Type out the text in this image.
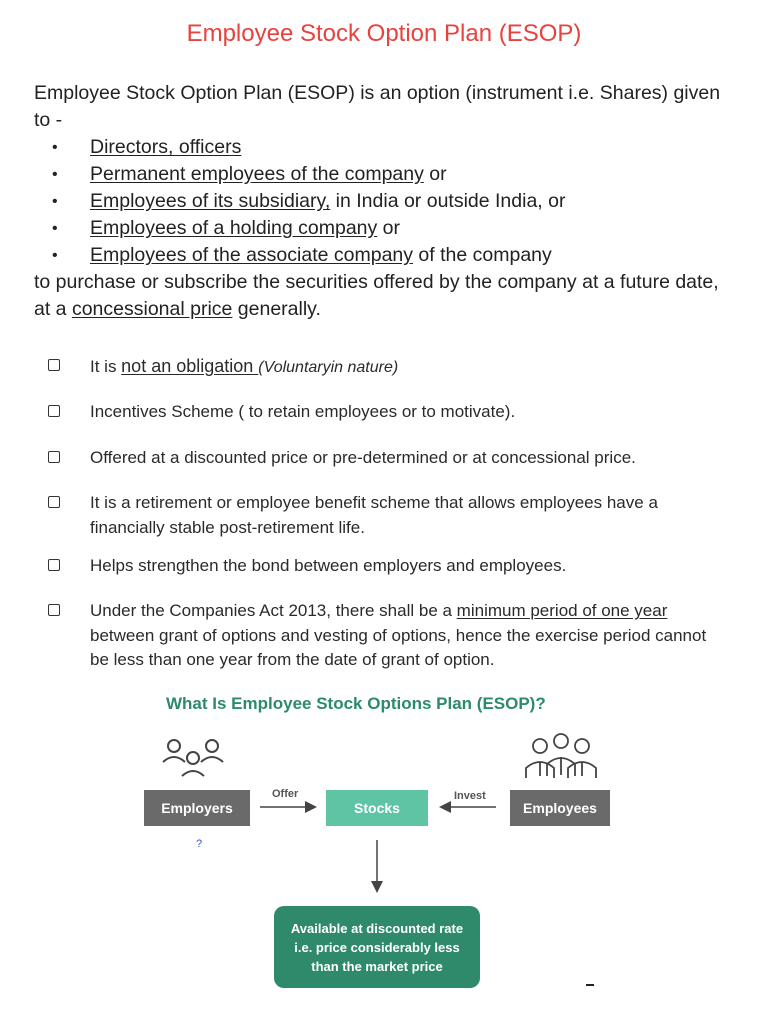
Employee Stock Option Plan (ESOP)

Employee Stock Option Plan (ESOP) is an option (instrument i.e. Shares) given to -

• Directors, officers
• Permanent employees of the company or
• Employees of its subsidiary, in India or outside India, or
• Employees of a holding company or
• Employees of the associate company of the company

to purchase or subscribe the securities offered by the company at a future date, at a concessional price generally.

It is not an obligation (Voluntaryin nature)
Incentives Scheme ( to retain employees or to motivate).
Offered at a discounted price or pre-determined or at concessional price.
It is a retirement or employee benefit scheme that allows employees have a financially stable post-retirement life.
Helps strengthen the bond between employers and employees.
Under the Companies Act 2013, there shall be a minimum period of one year between grant of options and vesting of options, hence the exercise period cannot be less than one year from the date of grant of option.
What Is Employee Stock Options Plan (ESOP)?
Employers	Stocks	Employees
Offer	Invest
Available at discounted rate i.e. price considerably less than the market price
?
